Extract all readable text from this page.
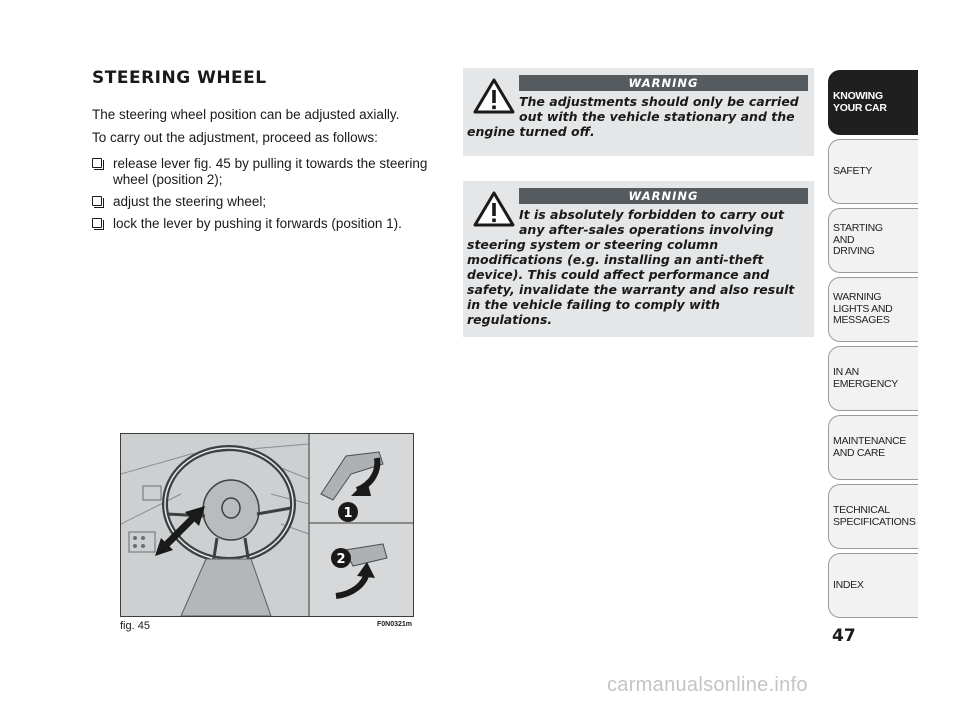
STEERING WHEEL

The steering wheel position can be adjusted axially.

To carry out the adjustment, proceed as follows:

release lever fig. 45 by pulling it towards the steering wheel (position 2);
adjust the steering wheel;
lock the lever by pushing it forwards (position 1).
WARNING

The adjustments should only be carried out with the vehicle stationary and the
engine turned off.

WARNING

It is absolutely forbidden to carry out any after-sales operations involving
steering system or steering column modifications (e.g. installing an anti-theft device). This could affect performance and safety, invalidate the warranty and also result in the vehicle failing to comply with regulations.

1
2
fig. 45	F0N0321m
KNOWING
YOUR CAR
SAFETY
STARTING
AND
DRIVING
WARNING
LIGHTS AND
MESSAGES
IN AN
EMERGENCY
MAINTENANCE
AND CARE
TECHNICAL
SPECIFICATIONS
INDEX
47
carmanualsonline.info
